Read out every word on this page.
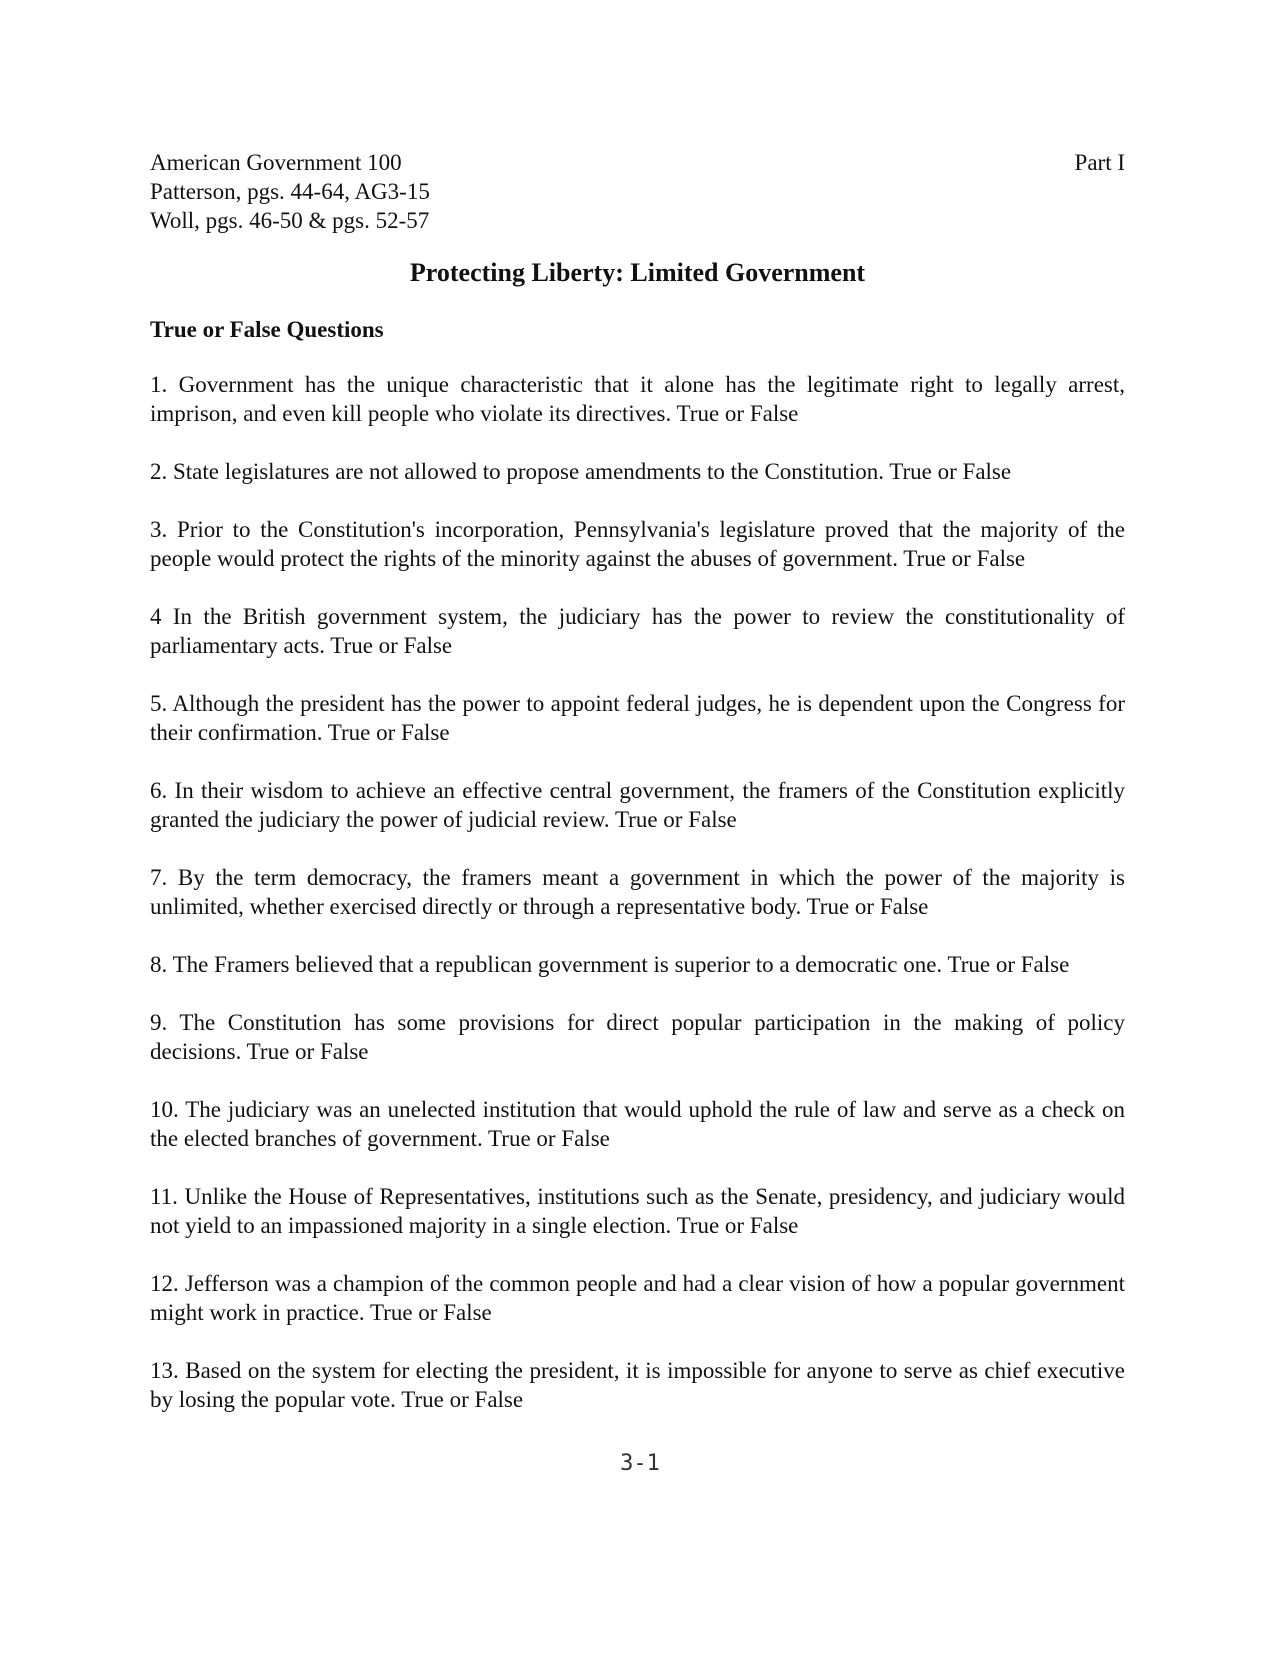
American Government 100	Part I
Patterson, pgs. 44-64, AG3-15
Woll, pgs. 46-50 & pgs. 52-57
Protecting Liberty: Limited Government
True or False Questions

1. Government has the unique characteristic that it alone has the legitimate right to legally arrest, imprison, and even kill people who violate its directives. True or False

2. State legislatures are not allowed to propose amendments to the Constitution. True or False

3. Prior to the Constitution's incorporation, Pennsylvania's legislature proved that the majority of the people would protect the rights of the minority against the abuses of government. True or False

4 In the British government system, the judiciary has the power to review the constitutionality of parliamentary acts. True or False

5. Although the president has the power to appoint federal judges, he is dependent upon the Congress for their confirmation. True or False

6. In their wisdom to achieve an effective central government, the framers of the Constitution explicitly granted the judiciary the power of judicial review. True or False

7. By the term democracy, the framers meant a government in which the power of the majority is unlimited, whether exercised directly or through a representative body. True or False

8. The Framers believed that a republican government is superior to a democratic one. True or False

9. The Constitution has some provisions for direct popular participation in the making of policy decisions. True or False

10. The judiciary was an unelected institution that would uphold the rule of law and serve as a check on the elected branches of government. True or False

11. Unlike the House of Representatives, institutions such as the Senate, presidency, and judiciary would not yield to an impassioned majority in a single election. True or False

12. Jefferson was a champion of the common people and had a clear vision of how a popular government might work in practice. True or False

13. Based on the system for electing the president, it is impossible for anyone to serve as chief executive by losing the popular vote. True or False

3-1
